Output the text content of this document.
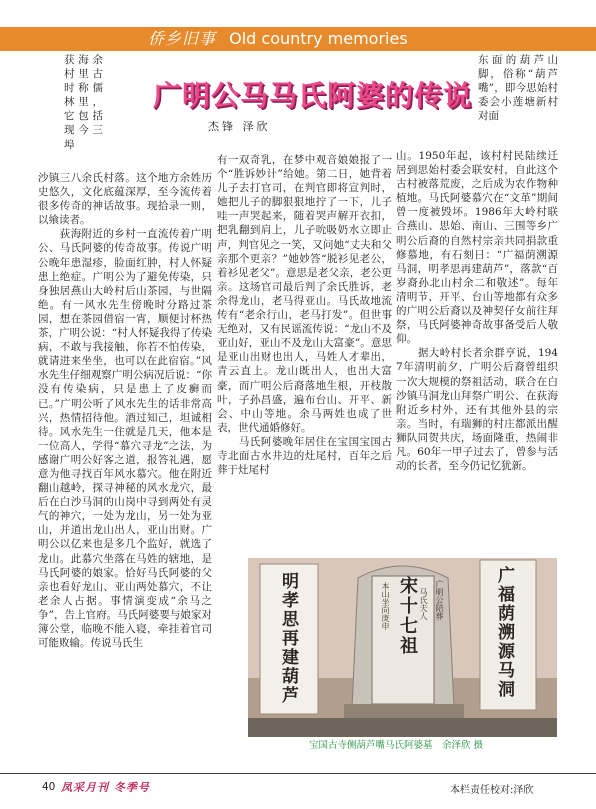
侨乡旧事 Old country memories
广明公马马氏阿婆的传说
杰锋 泽欣
获海余村里古时称儒林里，它包括现今三埠
沙镇三八余氏村落。这个地方余姓历史悠久，文化底蕴深厚，至今流传着很多传奇的神话故事。现拾录一则，以飨读者。
　　荻海附近的乡村一直流传着广明公、马氏阿婆的传奇故事。传说广明公晚年患湿疹，脸面红肿，村人怀疑患上绝症。广明公为了避免传染，只身独居燕山大岭村后山茶园，与世隔绝。有一风水先生傍晚时分路过茶园，想在茶园借宿一宵，顺便讨杯热茶，广明公说：“村人怀疑我得了传染病，不敢与我接触，你若不怕传染，就请进来坐坐，也可以在此宿宿。”风水先生仔细观察广明公病况后说：“你没有传染病，只是患上了皮癣而已。”广明公听了风水先生的话非常高兴，热情招待他。酒过知己，坦诚相待。风水先生一住就是几天，他本是一位高人，学得“慕穴寻龙”之法，为感谢广明公好客之道，报答礼遇，愿意为他寻找百年风水慕穴。他在附近翻山越岭，探寻神秘的风水龙穴，最后在白沙马洞的山岗中寻到两处有灵气的神穴，一处为龙山，另一处为亚山，并道出龙山出人，亚山出财。广明公以亿来也是多几个监好，就选了龙山。此慕穴坐落在马姓的辖地，是马氏阿婆的娘家。恰好马氏阿婆的父亲也看好龙山、亚山两处慕穴，不让老余人占据。事情演变成“余马之争”，告上官府。马氏阿婆要与娘家对簿公堂，临晚不能入寝，牵挂着官司可能败输。传说马氏生
有一双奇乳，在梦中观音娘娘报了一个“胜诉妙计”给她。第二日，她背着儿子去打官司，在判官即将宣判时，她把儿子的脚狠狠地拧了一下，儿子哇一声哭起来，随着哭声解开衣扣，把乳翻到肩上，儿子吮吸奶水立即止声，判官见之一笑，又问她“丈夫和父亲那个更亲？”她妙答“脱衫见老公，着衫见老父”。意思是老父亲，老公更亲。这场官司最后判了余氏胜诉，老余得龙山，老马得亚山。马氏故地流传有“老余行山，老马打发”。但世事无绝对，又有民谣流传说：“龙山不及亚山好，亚山不及龙山大富豪”。意思是亚山出财也出人，马姓人才辈出，青云直上。龙山既出人，也出大富豪，而广明公后裔落地生根，开枝散叶，子孙昌盛，遍布台山、开平、新会、中山等地。余马两姓也成了世表，世代通婚修好。
　　马氏阿婆晚年居住在宝国宝国古寺北面古水井边的灶尾村，百年之后葬于灶尾村
东面的葫芦山脚，俗称“葫芦嘴”，即今思始村委会小莲塘新村对面
山。1950年起，该村村民陆续迁居到思始村委会联安村，自此这个古村被落荒废，之后成为农作物种植地。马氏阿婆慕穴在“文革”期间曾一度被毁坏。1986年大岭村联合燕山、思始、南山、三围等乡广明公后裔的自然村宗亲共同捐款重修慕地，有石刻日：“广福荫溯源马洞，明孝思再建葫芦”，落款“百岁裔孙北山村余二和敬述”。每年清明节，开平、台山等地都有众多的广明公后裔以及神契仔女前往拜祭，马氏阿婆神奇故事备受后人敬仰。
　　据大岭村长者余群亨说，1947年清明前夕，广明公后裔曾组织一次大规模的祭祖活动，联合在白沙镇马洞龙山拜祭广明公、在荻海附近乡村外，还有其他外县的宗亲。当时，有瑞狮的村庄都派出醒狮队同贺共庆，场面隆重，热闹非凡。60年一甲子过去了，曾参与活动的长者，至今仍记忆犹新。
明孝思再建葫芦	宋十七祖	广福荫溯源马洞
本山坐向庚申	马氏夫人 广明公陪葬
宝国古寺侧葫芦嘴马氏阿婆墓　余泽欣 摄
40 凤采月刊 冬季号	本栏责任校对:泽欣
